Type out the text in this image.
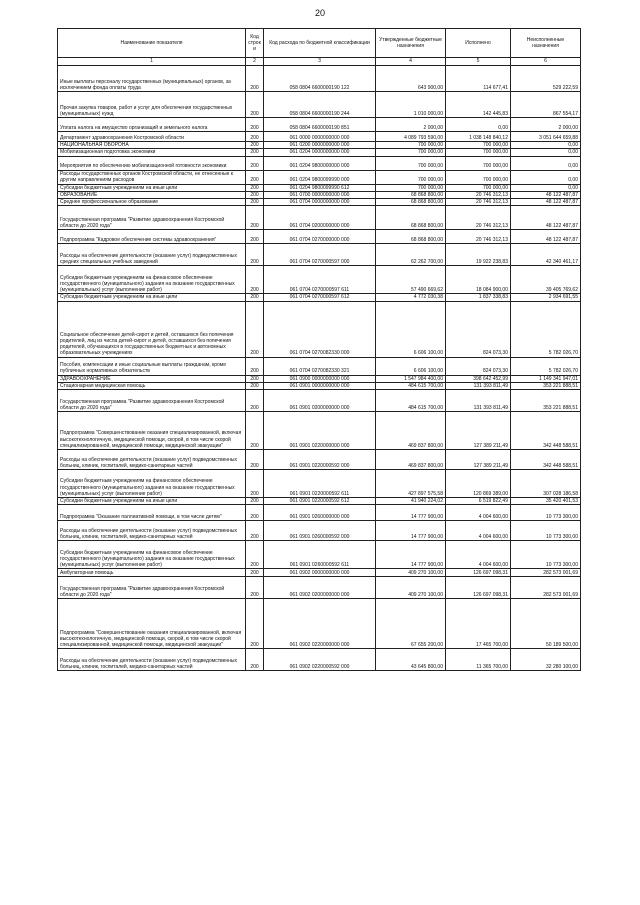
20
Наименование показателя	Код строки	Код расхода по бюджетной классификации	Утвержденные бюджетные назначения	Исполнено	Неисполненные назначения
1	2	3	4	5	6
Иные выплаты персоналу государственных (муниципальных) органов, за исключением фонда оплаты труда	200	058 0804 6600000190 122	643 900,00	114 677,41	529 222,59
Прочая закупка товаров, работ и услуг для обеспечения государственных (муниципальных) нужд	200	058 0804 6600000190 244	1 010 000,00	142 445,83	867 554,17
Уплата налога на имущество организаций и земельного налога	200	058 0804 6600000190 851	2 000,00	0,00	2 000,00
Департамент здравоохранения Костромской области	200	061 0000 0000000000 000	4 089 793 590,00	1 038 148 840,12	3 051 644 659,88
НАЦИОНАЛЬНАЯ ОБОРОНА	200	061 0200 0000000000 000	700 000,00	700 000,00	0,00
Мобилизационная подготовка экономики	200	061 0204 0000000000 000	700 000,00	700 000,00	0,00
Мероприятия по обеспечению мобилизационной готовности экономики	200	061 0204 9800000000 000	700 000,00	700 000,00	0,00
Расходы государственных органов Костромской области, не отнесенные к другим направлениям расходов	200	061 0204 9800099990 000	700 000,00	700 000,00	0,00
Субсидии бюджетным учреждениям на иные цели	200	061 0204 9800099990 612	700 000,00	700 000,00	0,00
ОБРАЗОВАНИЕ	200	061 0700 0000000000 000	68 868 800,00	20 746 312,13	48 122 487,87
Среднее профессиональное образование	200	061 0704 0000000000 000	68 868 800,00	20 746 312,13	48 122 487,87
Государственная программа "Развитие здравоохранения Костромской области до 2020 года"	200	061 0704 0200000000 000	68 868 800,00	20 746 312,13	48 122 487,87
Подпрограмма "Кадровое обеспечение системы здравоохранения"	200	061 0704 0270000000 000	68 868 800,00	20 746 312,13	48 122 487,87
Расходы на обеспечение деятельности (оказание услуг) подведомственных средних специальных учебных заведений	200	061 0704 0270000597 000	62 262 700,00	19 922 238,83	42 340 461,17
Субсидии бюджетным учреждениям на финансовое обеспечение государственного (муниципального) задания на оказание государственных (муниципальных) услуг (выполнение работ)	200	061 0704 0270000597 611	57 490 669,62	18 084 900,00	39 405 769,62
Субсидии бюджетным учреждениям на иные цели	200	061 0704 0270000597 612	4 772 030,38	1 837 338,83	2 934 691,55
Социальное обеспечение детей-сирот и детей, оставшихся без попечения родителей, лиц из числа детей-сирот и детей, оставшихся без попечения родителей, обучающихся в государственных бюджетных и автономных образовательных учреждениях	200	061 0704 0270082330 000	6 606 100,00	824 073,30	5 782 026,70
Пособия, компенсации и иные социальные выплаты гражданам, кроме публичных нормативных обязательств	200	061 0704 0270082330 321	6 606 100,00	824 073,30	5 782 026,70
ЗДРАВООХРАНЕНИЕ	200	061 0900 0000000000 000	1 547 984 400,00	398 642 452,99	1 149 341 947,01
Стационарная медицинская помощь	200	061 0901 0000000000 000	484 615 700,00	131 393 811,49	353 221 888,51
Государственная программа "Развитие здравоохранения Костромской области до 2020 года"	200	061 0901 0200000000 000	484 615 700,00	131 393 811,49	353 221 888,51
Подпрограмма "Совершенствование оказания специализированной, включая высокотехнологичную, медицинской помощи, скорой, в том числе скорой специализированной, медицинской помощи, медицинской эвакуации"	200	061 0901 0220000000 000	469 837 800,00	127 389 211,49	342 448 588,51
Расходы на обеспечение деятельности (оказание услуг) подведомственных больниц, клиник, госпиталей, медико-санитарных частей	200	061 0901 0220000592 000	469 837 800,00	127 389 211,49	342 448 588,51
Субсидии бюджетным учреждениям на финансовое обеспечение государственного (муниципального) задания на оказание государственных (муниципальных) услуг (выполнение работ)	200	061 0901 0220000592 611	427 897 575,58	120 869 389,00	307 028 186,58
Субсидии бюджетным учреждениям на иные цели	200	061 0901 0220000592 612	41 940 224,02	6 519 822,49	35 420 401,53
Подпрограмма "Оказание паллиативной помощи, в том числе детям"	200	061 0901 0260000000 000	14 777 900,00	4 004 600,00	10 773 300,00
Расходы на обеспечение деятельности (оказание услуг) подведомственных больниц, клиник, госпиталей, медико-санитарных частей	200	061 0901 0260000592 000	14 777 900,00	4 004 600,00	10 773 300,00
Субсидии бюджетным учреждениям на финансовое обеспечение государственного (муниципального) задания на оказание государственных (муниципальных) услуг (выполнение работ)	200	061 0901 0260000592 611	14 777 900,00	4 004 600,00	10 773 300,00
Амбулаторная помощь	200	061 0902 0000000000 000	409 270 100,00	126 697 098,31	282 573 001,69
Государственная программа "Развитие здравоохранения Костромской области до 2020 года"	200	061 0902 0200000000 000	409 270 100,00	126 697 098,31	282 573 001,69
Подпрограмма "Совершенствование оказания специализированной, включая высокотехнологичную, медицинской помощи, скорой, в том числе скорой специализированной, медицинской помощи, медицинской эвакуации"	200	061 0902 0220000000 000	67 655 200,00	17 465 700,00	50 189 500,00
Расходы на обеспечение деятельности (оказание услуг) подведомственных больниц, клиник, госпиталей, медико-санитарных частей	200	061 0902 0220000592 000	43 645 800,00	11 365 700,00	32 280 100,00
